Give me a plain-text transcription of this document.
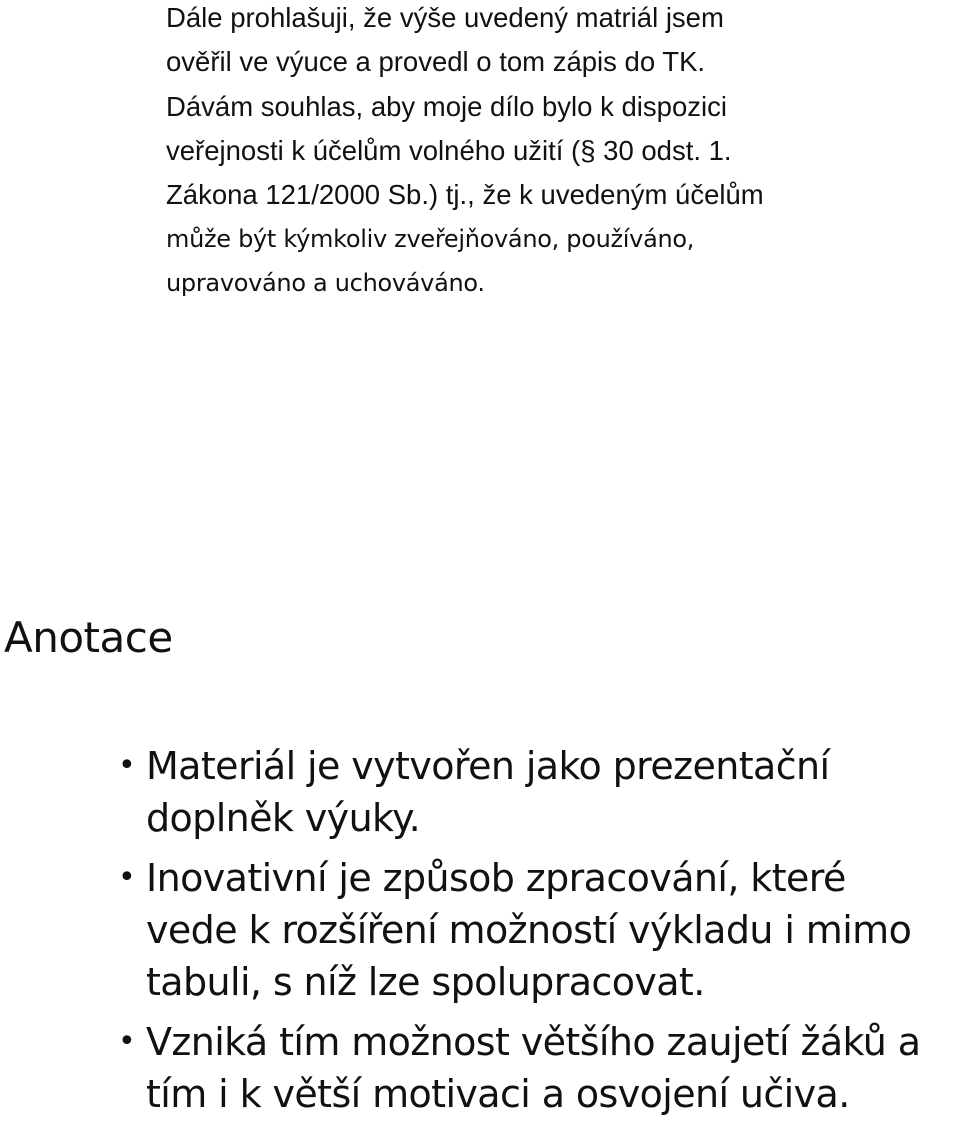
Dále prohlašuji, že výše uvedený matriál jsem
ověřil ve výuce a provedl o tom zápis do TK.
Dávám souhlas, aby moje dílo bylo k dispozici
veřejnosti k účelům volného užití (§ 30 odst. 1.
Zákona 121/2000 Sb.) tj., že k uvedeným účelům
může být kýmkoliv zveřejňováno, používáno,
upravováno a uchováváno.
Anotace
• Materiál je vytvořen jako prezentační
doplněk výuky.
• Inovativní je způsob zpracování, které
vede k rozšíření možností výkladu i mimo
tabuli, s níž lze spolupracovat.
• Vzniká tím možnost většího zaujetí žáků a
tím i k větší motivaci a osvojení učiva.
